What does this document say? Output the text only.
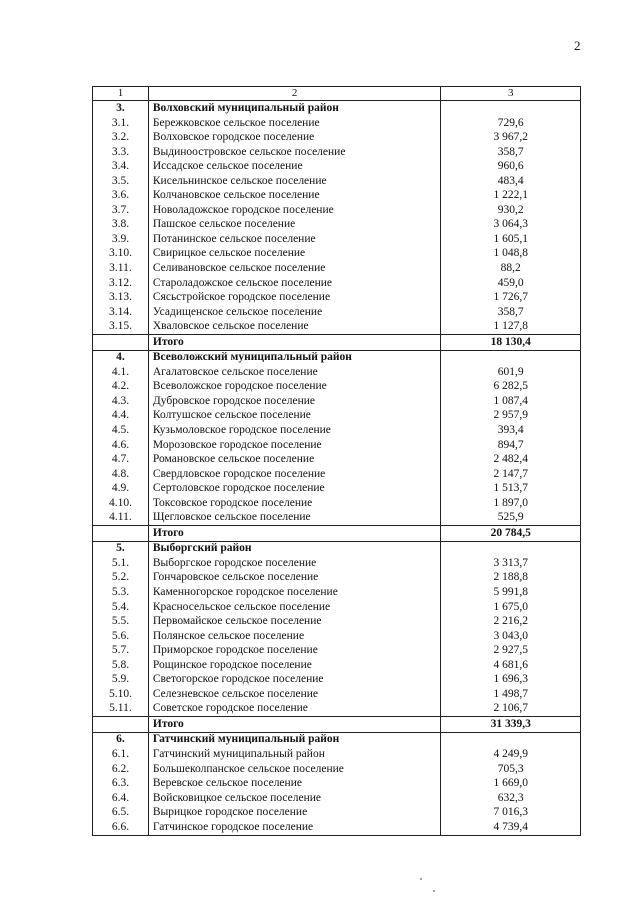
2
1	2	3
3.	Волховский муниципальный район	
3.1.	Бережковское сельское поселение	729,6
3.2.	Волховское городское поселение	3 967,2
3.3.	Выдиноостровское сельское поселение	358,7
3.4.	Иссадское сельское поселение	960,6
3.5.	Кисельнинское сельское поселение	483,4
3.6.	Колчановское сельское поселение	1 222,1
3.7.	Новоладожское городское поселение	930,2
3.8.	Пашское сельское поселение	3 064,3
3.9.	Потанинское сельское поселение	1 605,1
3.10.	Свирицкое сельское поселение	1 048,8
3.11.	Селивановское сельское поселение	88,2
3.12.	Староладожское сельское поселение	459,0
3.13.	Сясьстройское городское поселение	1 726,7
3.14.	Усадищенское сельское поселение	358,7
3.15.	Хваловское сельское поселение	1 127,8
	Итого	18 130,4
4.	Всеволожский муниципальный район	
4.1.	Агалатовское сельское поселение	601,9
4.2.	Всеволожское городское поселение	6 282,5
4.3.	Дубровское городское поселение	1 087,4
4.4.	Колтушское сельское поселение	2 957,9
4.5.	Кузьмоловское городское поселение	393,4
4.6.	Морозовское городское поселение	894,7
4.7.	Романовское сельское поселение	2 482,4
4.8.	Свердловское городское поселение	2 147,7
4.9.	Сертоловское городское поселение	1 513,7
4.10.	Токсовское городское поселение	1 897,0
4.11.	Щегловское сельское поселение	525,9
	Итого	20 784,5
5.	Выборгский район	
5.1.	Выборгское городское поселение	3 313,7
5.2.	Гончаровское сельское поселение	2 188,8
5.3.	Каменногорское городское поселение	5 991,8
5.4.	Красносельское сельское поселение	1 675,0
5.5.	Первомайское сельское поселение	2 216,2
5.6.	Полянское сельское поселение	3 043,0
5.7.	Приморское городское поселение	2 927,5
5.8.	Рощинское городское поселение	4 681,6
5.9.	Светогорское городское поселение	1 696,3
5.10.	Селезневское сельское поселение	1 498,7
5.11.	Советское городское поселение	2 106,7
	Итого	31 339,3
6.	Гатчинский муниципальный район	
6.1.	Гатчинский муниципальный район	4 249,9
6.2.	Большеколпанское сельское поселение	705,3
6.3.	Веревское сельское поселение	1 669,0
6.4.	Войсковицкое сельское поселение	632,3
6.5.	Вырицкое городское поселение	7 016,3
6.6.	Гатчинское городское поселение	4 739,4
